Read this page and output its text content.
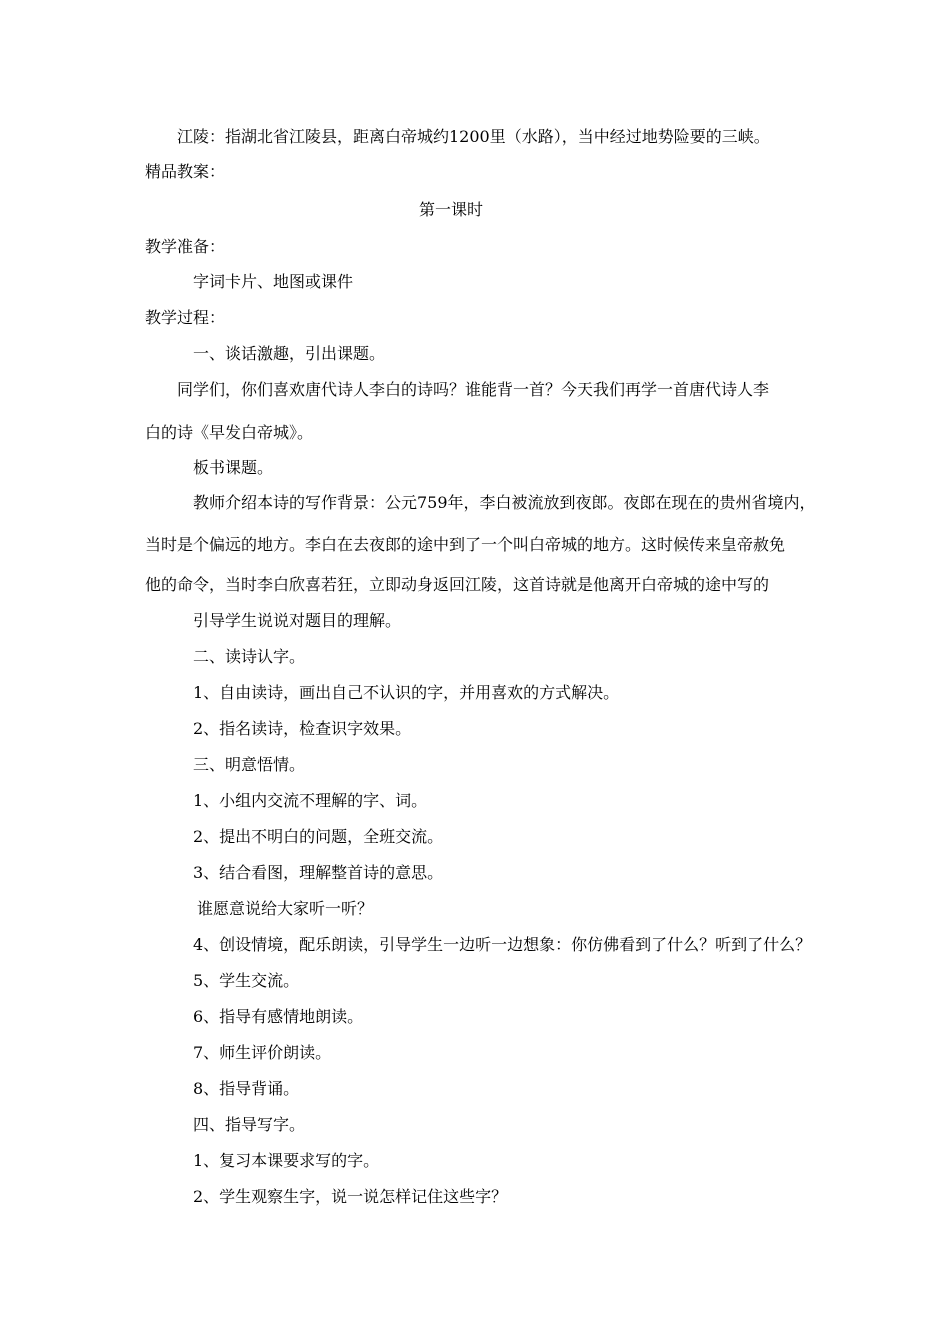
江陵：指湖北省江陵县，距离白帝城约1200里（水路），当中经过地势险要的三峡。
精品教案：
第一课时
教学准备：
字词卡片、地图或课件
教学过程：
一、谈话激趣，引出课题。
同学们，你们喜欢唐代诗人李白的诗吗？谁能背一首？今天我们再学一首唐代诗人李
白的诗《早发白帝城》。
板书课题。
教师介绍本诗的写作背景：公元759年，李白被流放到夜郎。夜郎在现在的贵州省境内，
当时是个偏远的地方。李白在去夜郎的途中到了一个叫白帝城的地方。这时候传来皇帝赦免
他的命令，当时李白欣喜若狂，立即动身返回江陵，这首诗就是他离开白帝城的途中写的
引导学生说说对题目的理解。
二、读诗认字。
1、自由读诗，画出自己不认识的字，并用喜欢的方式解决。
2、指名读诗，检查识字效果。
三、明意悟情。
1、小组内交流不理解的字、词。
2、提出不明白的问题，全班交流。
3、结合看图，理解整首诗的意思。
谁愿意说给大家听一听？
4、创设情境，配乐朗读，引导学生一边听一边想象：你仿佛看到了什么？听到了什么？
5、学生交流。
6、指导有感情地朗读。
7、师生评价朗读。
8、指导背诵。
四、指导写字。
1、复习本课要求写的字。
2、学生观察生字，说一说怎样记住这些字？
